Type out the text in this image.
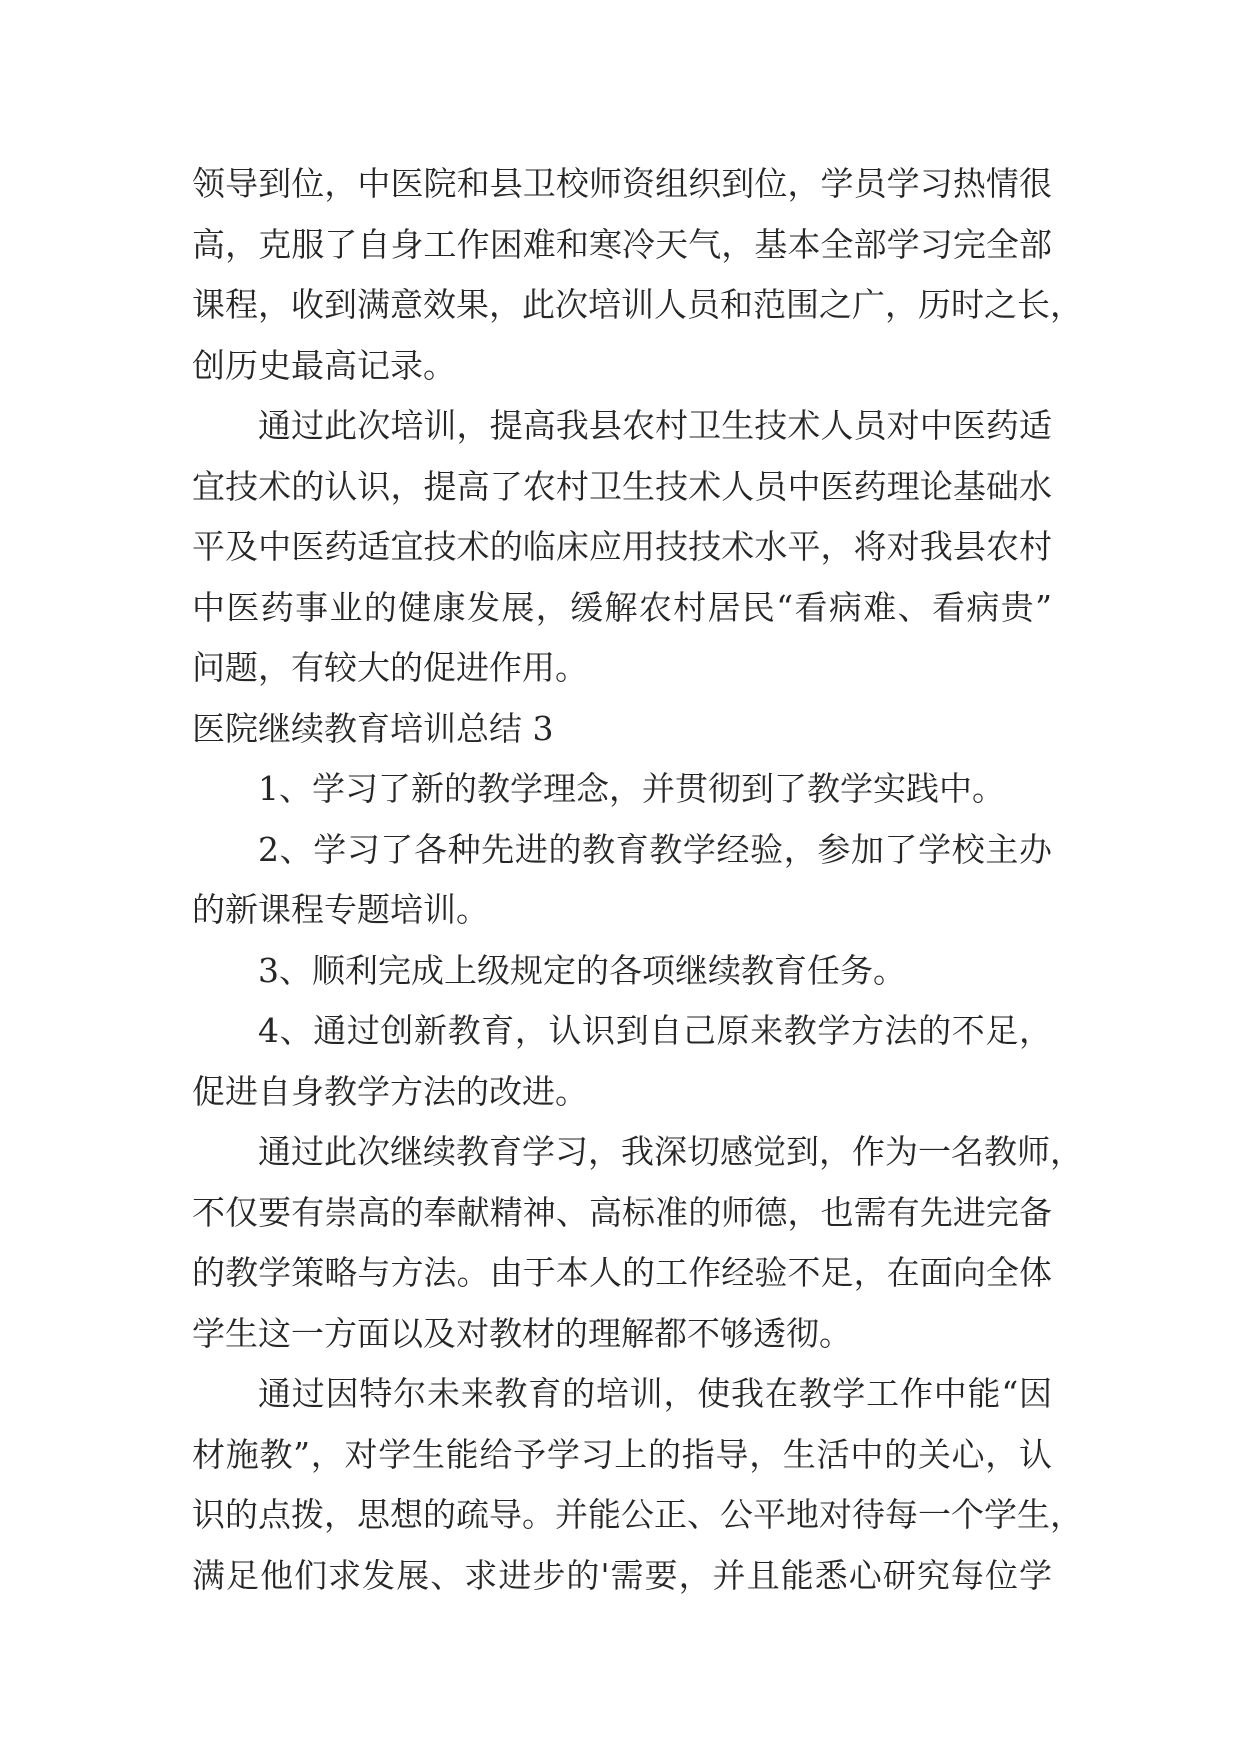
领导到位，中医院和县卫校师资组织到位，学员学习热情很
高，克服了自身工作困难和寒冷天气，基本全部学习完全部
课程，收到满意效果，此次培训人员和范围之广，历时之长，
创历史最高记录。
通过此次培训，提高我县农村卫生技术人员对中医药适
宜技术的认识，提高了农村卫生技术人员中医药理论基础水
平及中医药适宜技术的临床应用技技术水平，将对我县农村
中医药事业的健康发展，缓解农村居民“看病难、看病贵”
问题，有较大的促进作用。
医院继续教育培训总结 3
1、学习了新的教学理念，并贯彻到了教学实践中。
2、学习了各种先进的教育教学经验，参加了学校主办
的新课程专题培训。
3、顺利完成上级规定的各项继续教育任务。
4、通过创新教育，认识到自己原来教学方法的不足，
促进自身教学方法的改进。
通过此次继续教育学习，我深切感觉到，作为一名教师，
不仅要有崇高的奉献精神、高标准的师德，也需有先进完备
的教学策略与方法。由于本人的工作经验不足，在面向全体
学生这一方面以及对教材的理解都不够透彻。
通过因特尔未来教育的培训，使我在教学工作中能“因
材施教”，对学生能给予学习上的指导，生活中的关心，认
识的点拨，思想的疏导。并能公正、公平地对待每一个学生，
满足他们求发展、求进步的'需要，并且能悉心研究每位学
